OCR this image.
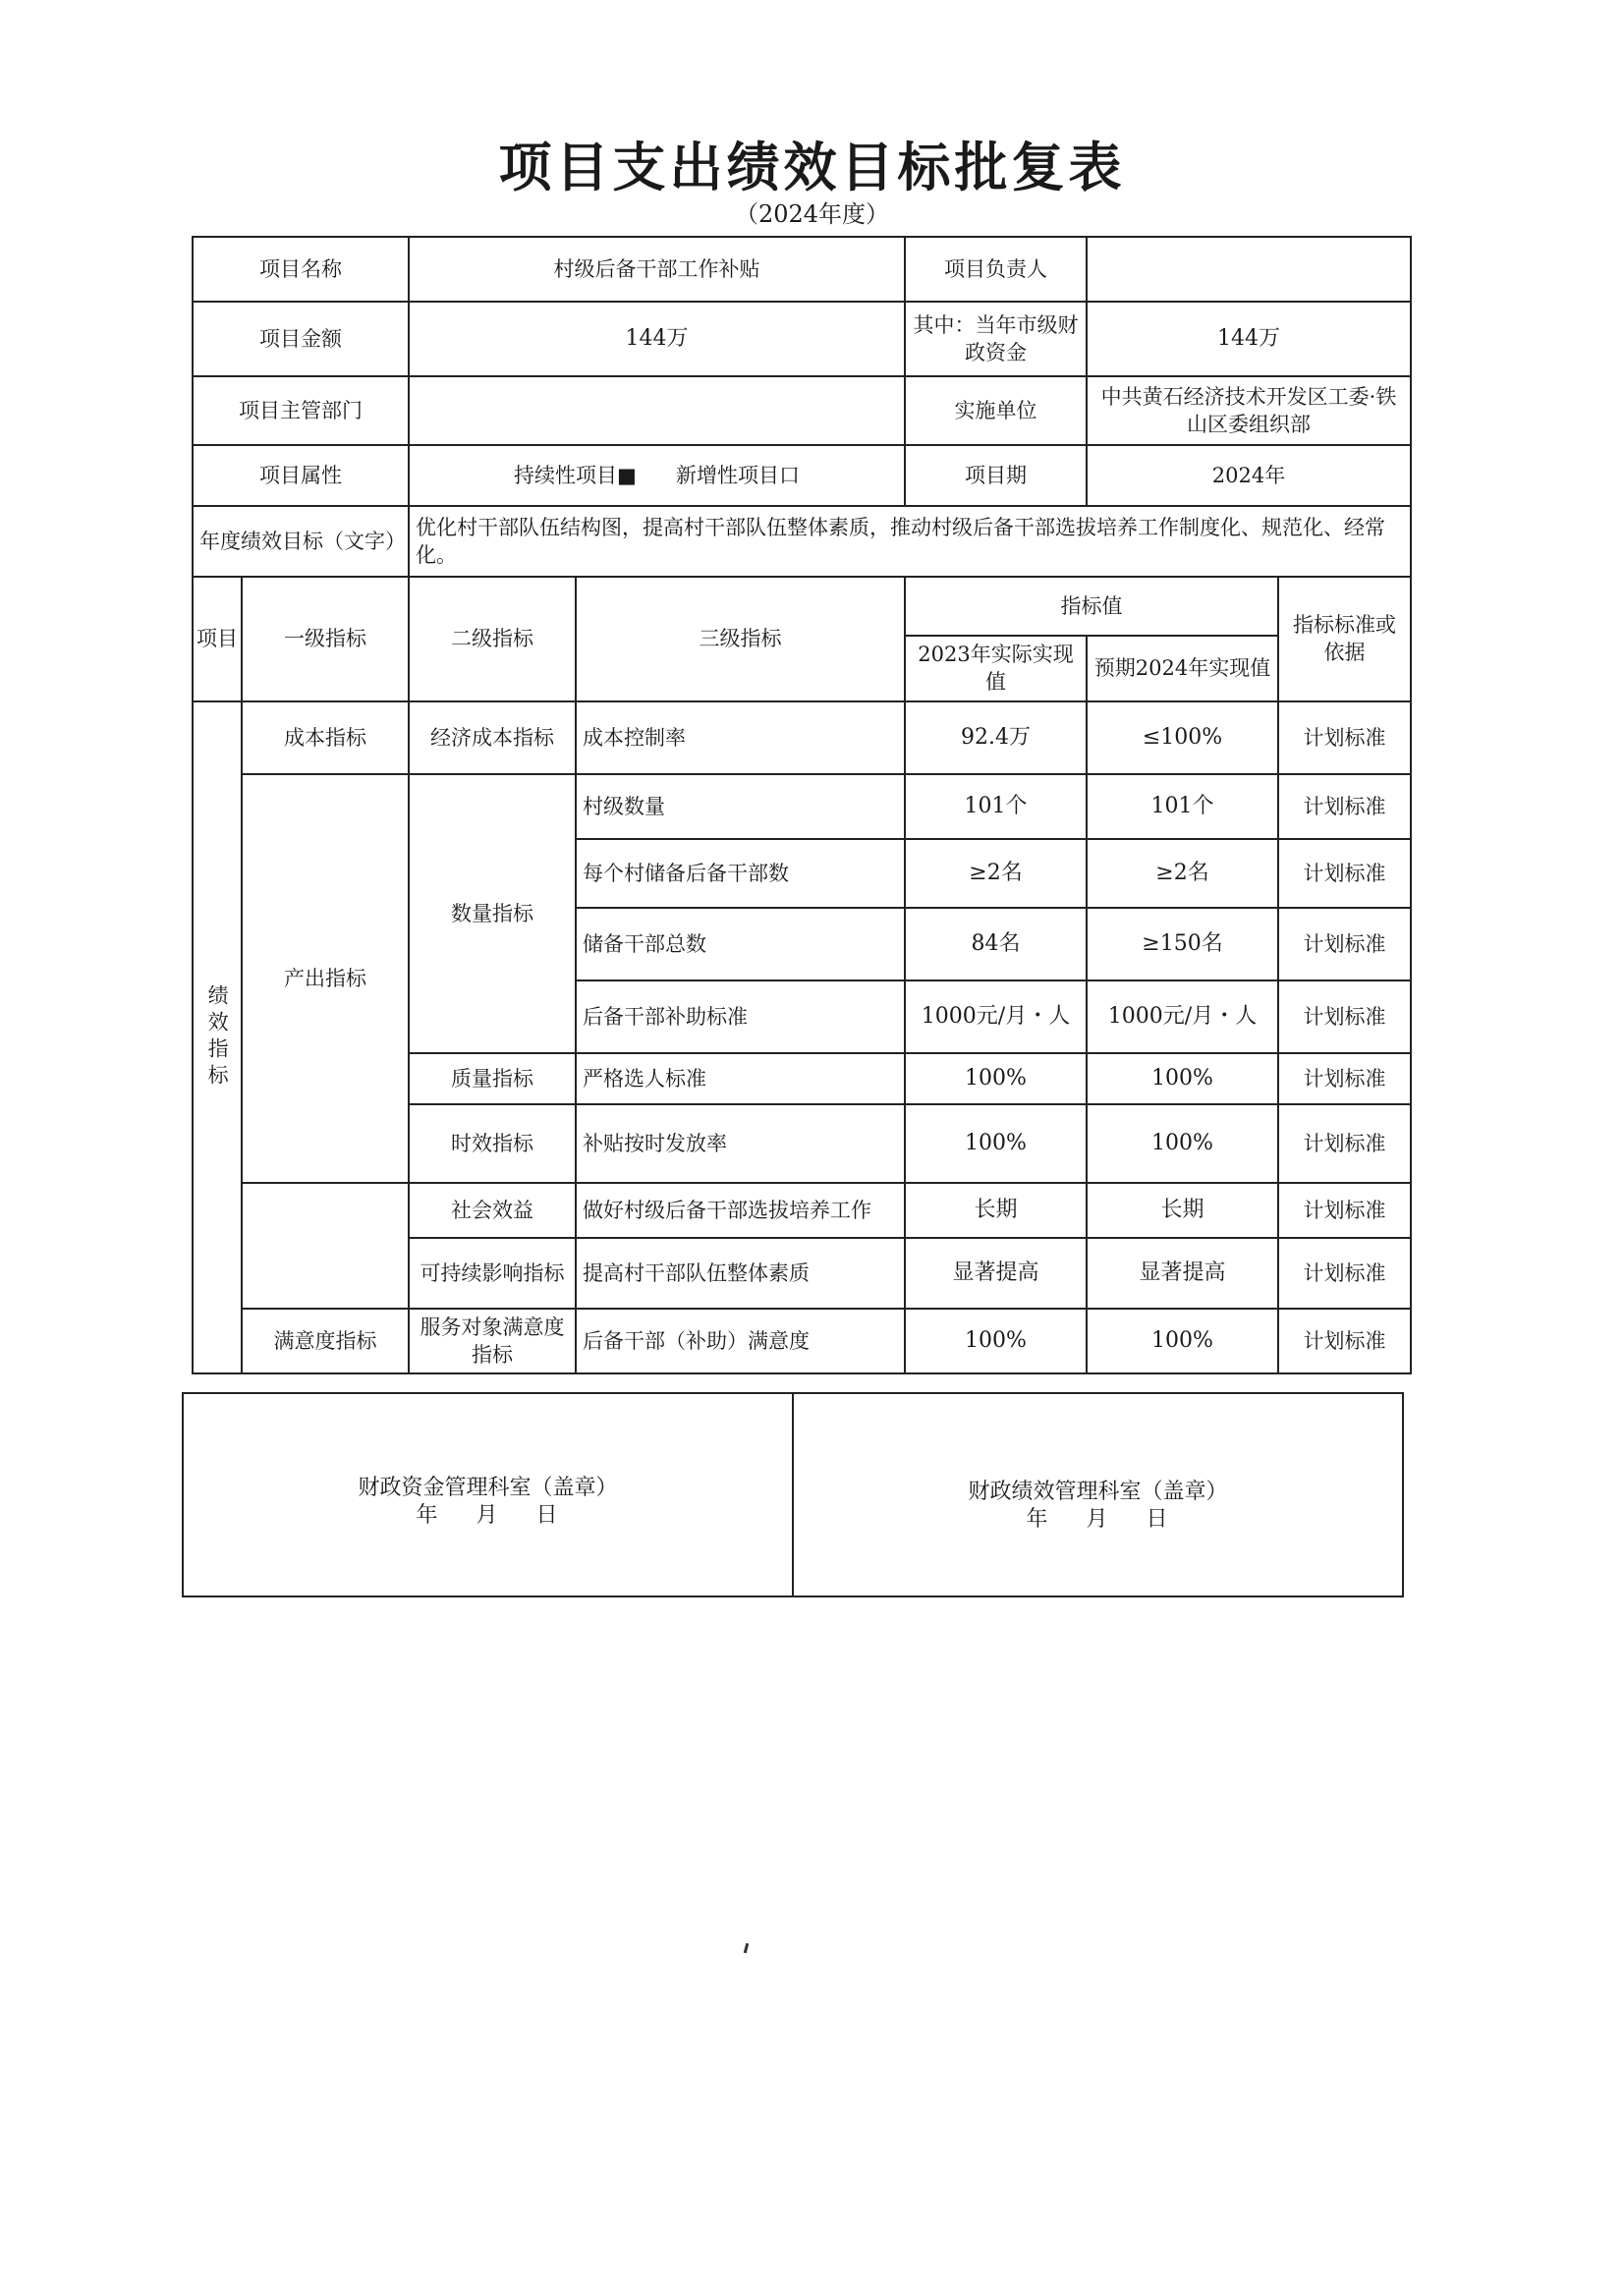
项目支出绩效目标批复表
（2024年度）
项目名称		村级后备干部工作补贴		项目负责人		
项目金额		144万		其中：当年市级财政资金	144万	
项目主管部门				实施单位	中共黄石经济技术开发区工委·铁山区委组织部	
项目属性		持续性项目■      新增性项目口		项目期	2024年	
年度绩效目标（文字）		优化村干部队伍结构图，提高村干部队伍整体素质，推动村级后备干部选拔培养工作制度化、规范化、经常化。				
项目	一级指标	二级指标	三级指标	指标值		指标标准或依据
				2023年实际实现值	预期2024年实现值	

绩效指标	成本指标	经济成本指标	成本控制率	92.4万	≤100%	计划标准
	产出指标	数量指标	村级数量	101个	101个	计划标准
			每个村储备后备干部数	≥2名	≥2名	计划标准
			储备干部总数	84名	≥150名	计划标准
			后备干部补助标准	1000元/月・人	1000元/月・人	计划标准
		质量指标	严格选人标准	100%	100%	计划标准
		时效指标	补贴按时发放率	100%	100%	计划标准
		社会效益	做好村级后备干部选拔培养工作	长期	长期	计划标准
		可持续影响指标	提高村干部队伍整体素质	显著提高	显著提高	计划标准
	满意度指标	服务对象满意度指标	后备干部（补助）满意度	100%	100%	计划标准
财政资金管理科室（盖章）
年 月 日
财政绩效管理科室（盖章）
年 月 日
